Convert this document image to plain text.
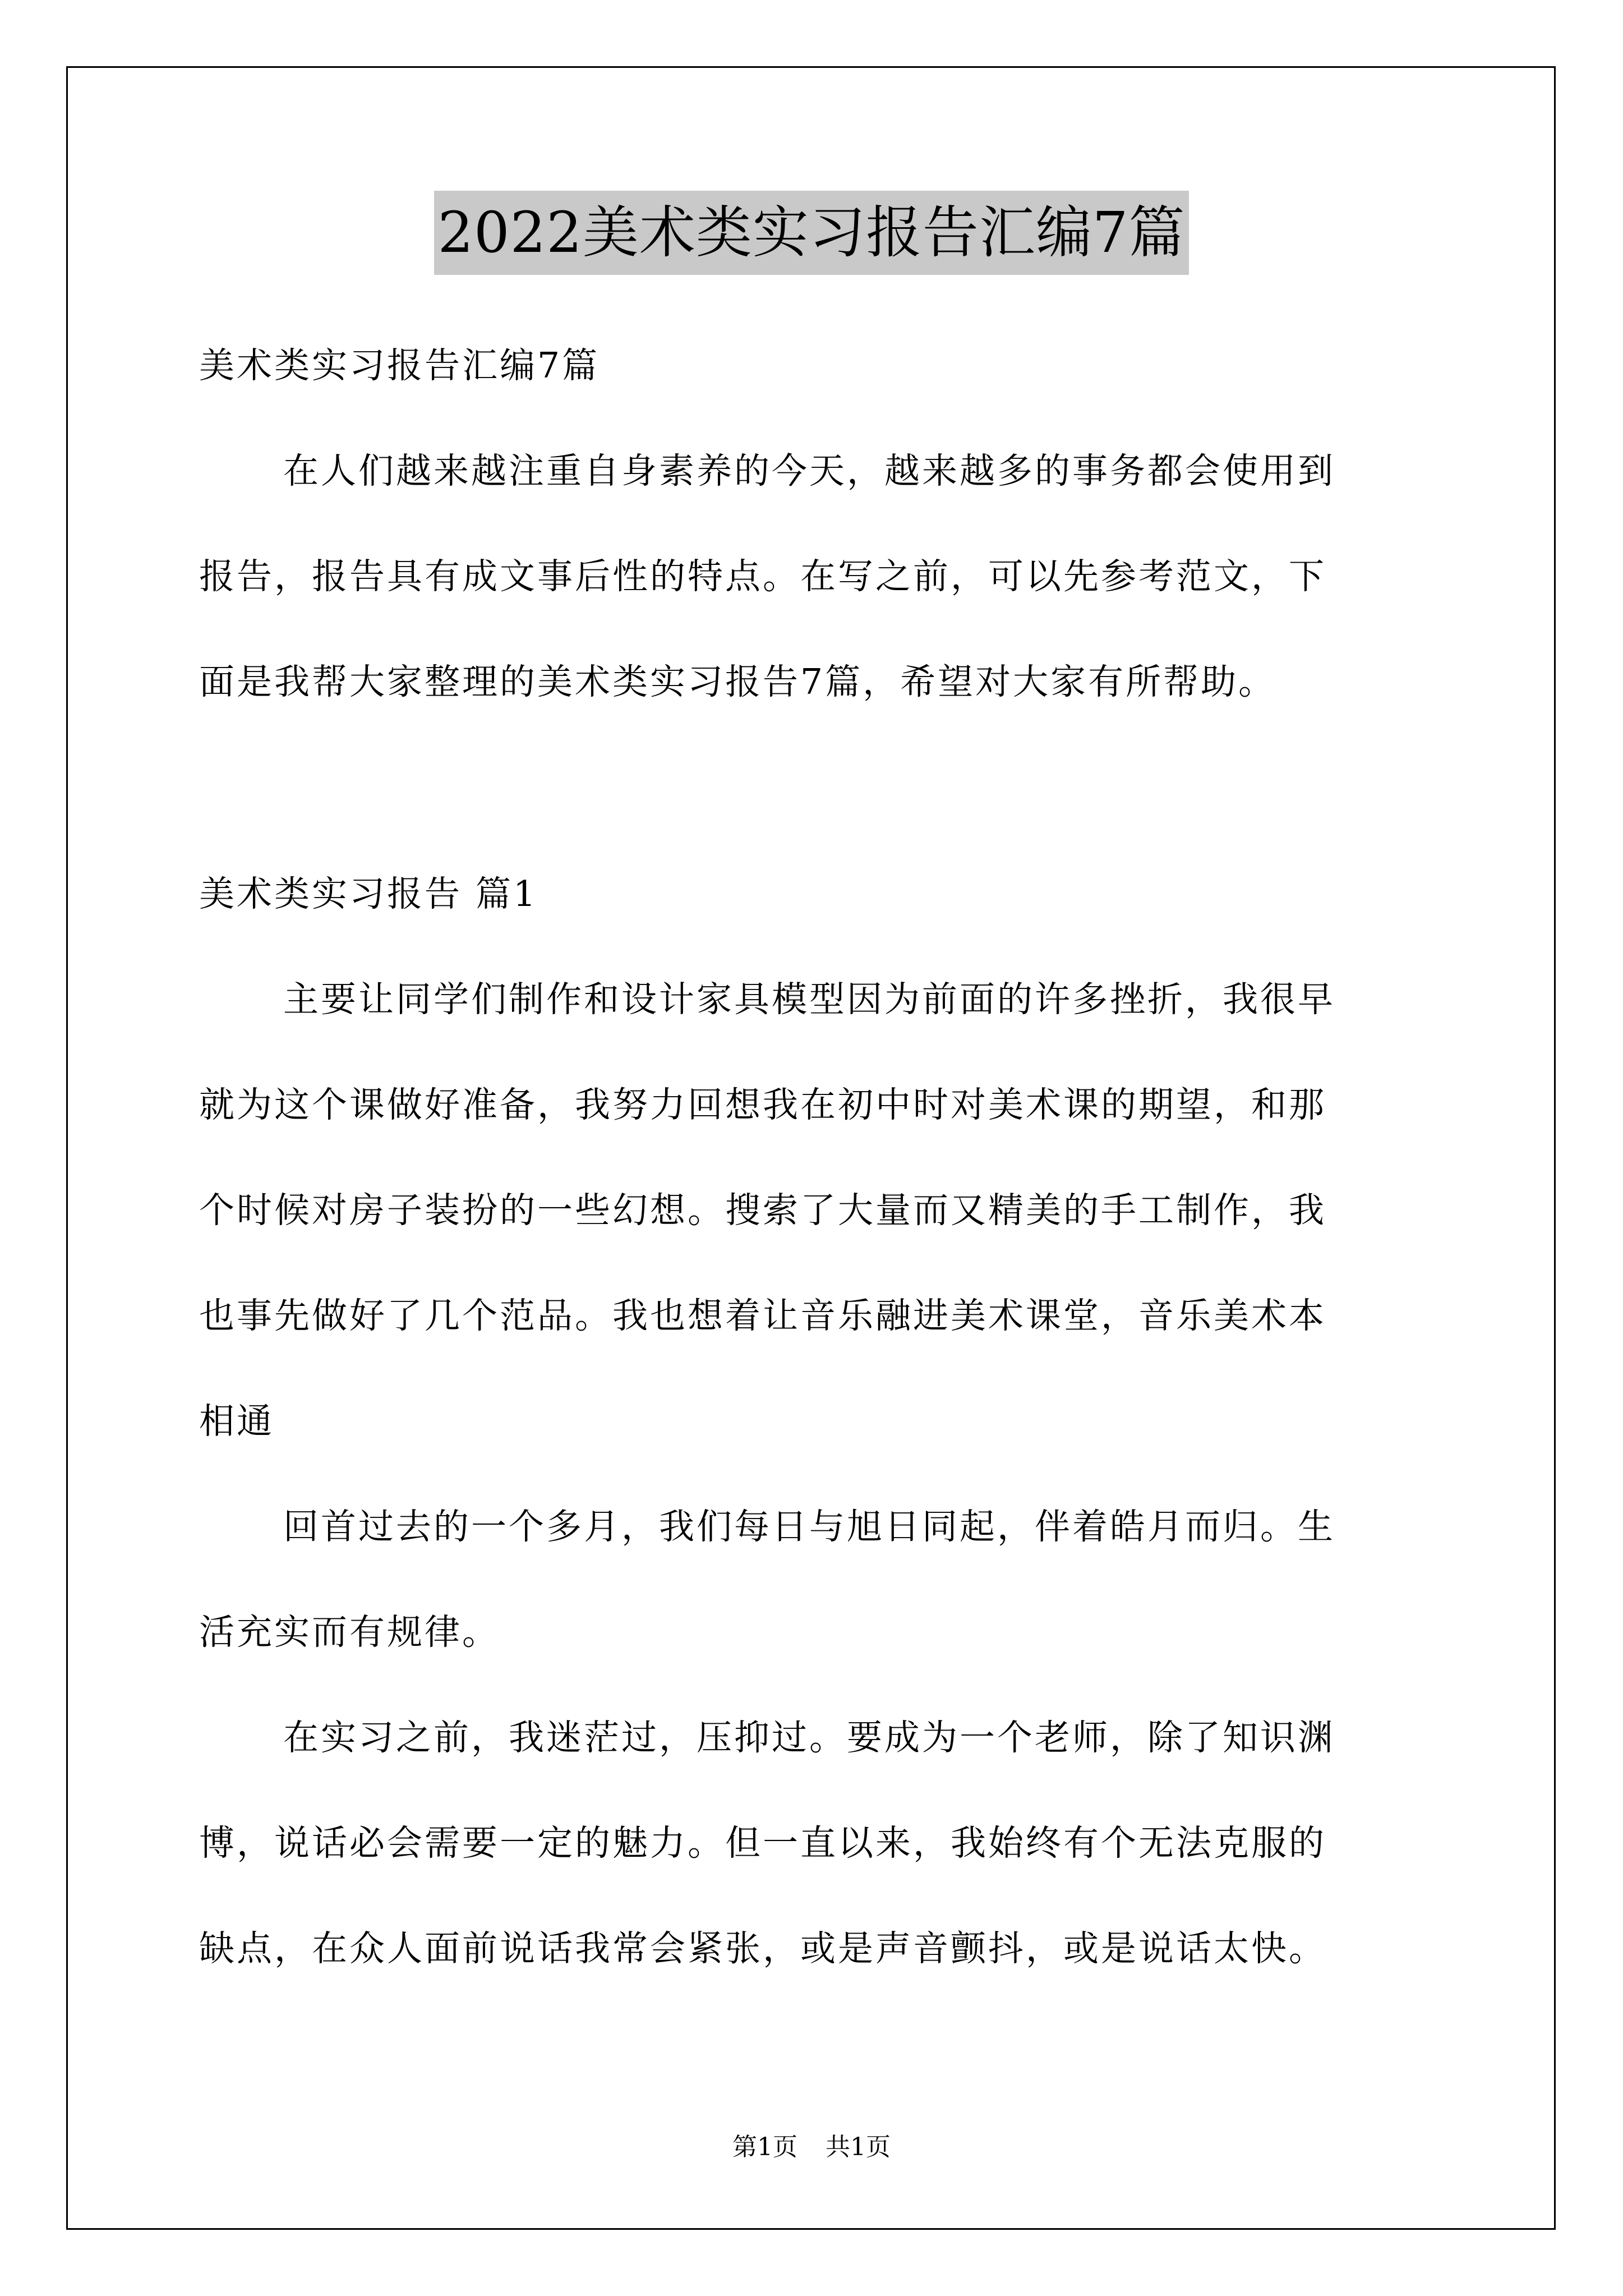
2022美术类实习报告汇编7篇
美术类实习报告汇编7篇
在人们越来越注重自身素养的今天，越来越多的事务都会使用到
报告，报告具有成文事后性的特点。在写之前，可以先参考范文，下
面是我帮大家整理的美术类实习报告7篇，希望对大家有所帮助。
美术类实习报告 篇1
主要让同学们制作和设计家具模型因为前面的许多挫折，我很早
就为这个课做好准备，我努力回想我在初中时对美术课的期望，和那
个时候对房子装扮的一些幻想。搜索了大量而又精美的手工制作，我
也事先做好了几个范品。我也想着让音乐融进美术课堂，音乐美术本
相通
回首过去的一个多月，我们每日与旭日同起，伴着皓月而归。生
活充实而有规律。
在实习之前，我迷茫过，压抑过。要成为一个老师，除了知识渊
博，说话必会需要一定的魅力。但一直以来，我始终有个无法克服的
缺点，在众人面前说话我常会紧张，或是声音颤抖，或是说话太快。
第1页 共1页
